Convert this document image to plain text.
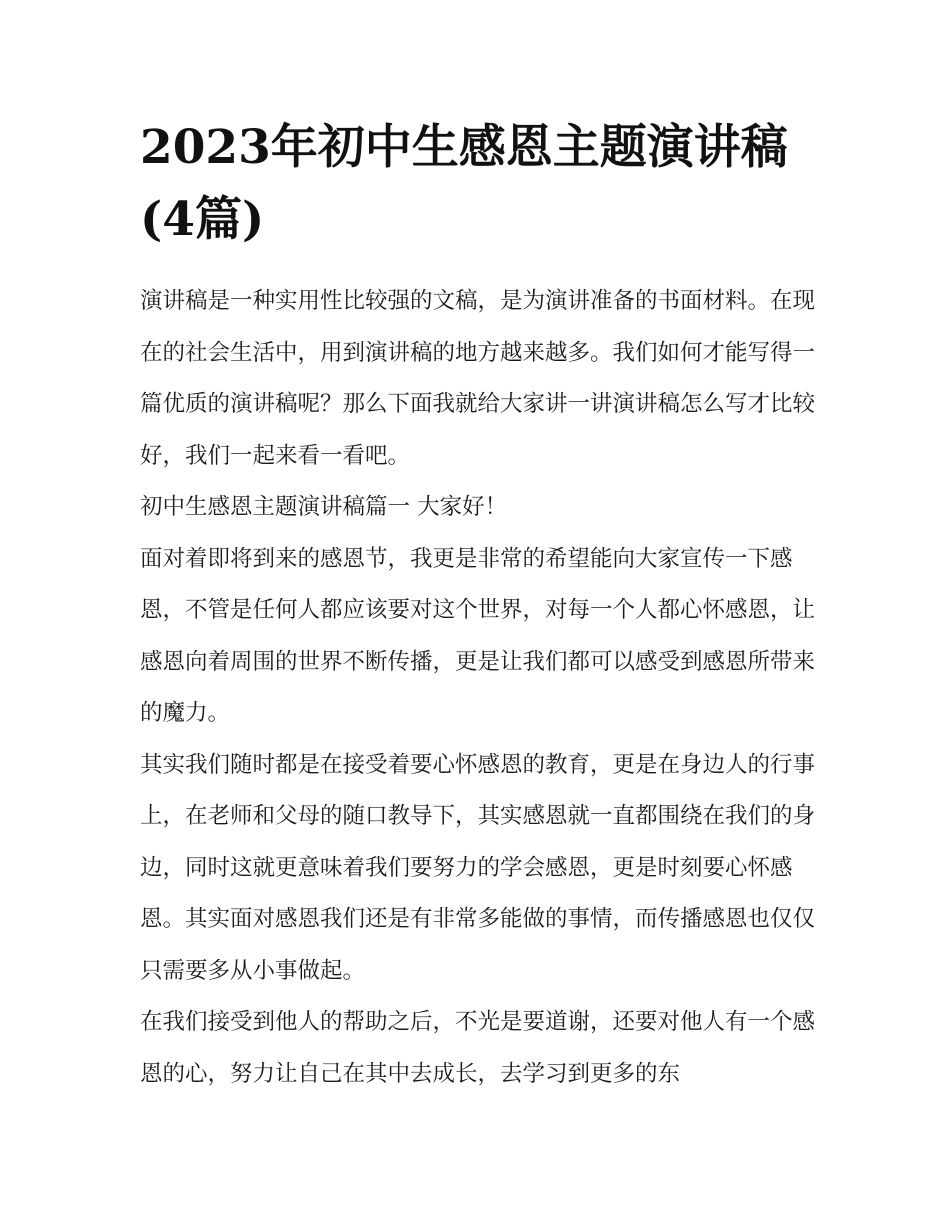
2023年初中生感恩主题演讲稿(4篇)

演讲稿是一种实用性比较强的文稿，是为演讲准备的书面材料。在现在的社会生活中，用到演讲稿的地方越来越多。我们如何才能写得一篇优质的演讲稿呢？那么下面我就给大家讲一讲演讲稿怎么写才比较好，我们一起来看一看吧。

初中生感恩主题演讲稿篇一 大家好！

面对着即将到来的感恩节，我更是非常的希望能向大家宣传一下感恩，不管是任何人都应该要对这个世界，对每一个人都心怀感恩，让感恩向着周围的世界不断传播，更是让我们都可以感受到感恩所带来的魔力。

其实我们随时都是在接受着要心怀感恩的教育，更是在身边人的行事上，在老师和父母的随口教导下，其实感恩就一直都围绕在我们的身边，同时这就更意味着我们要努力的学会感恩，更是时刻要心怀感恩。其实面对感恩我们还是有非常多能做的事情，而传播感恩也仅仅只需要多从小事做起。

在我们接受到他人的帮助之后，不光是要道谢，还要对他人有一个感恩的心，努力让自己在其中去成长，去学习到更多的东
